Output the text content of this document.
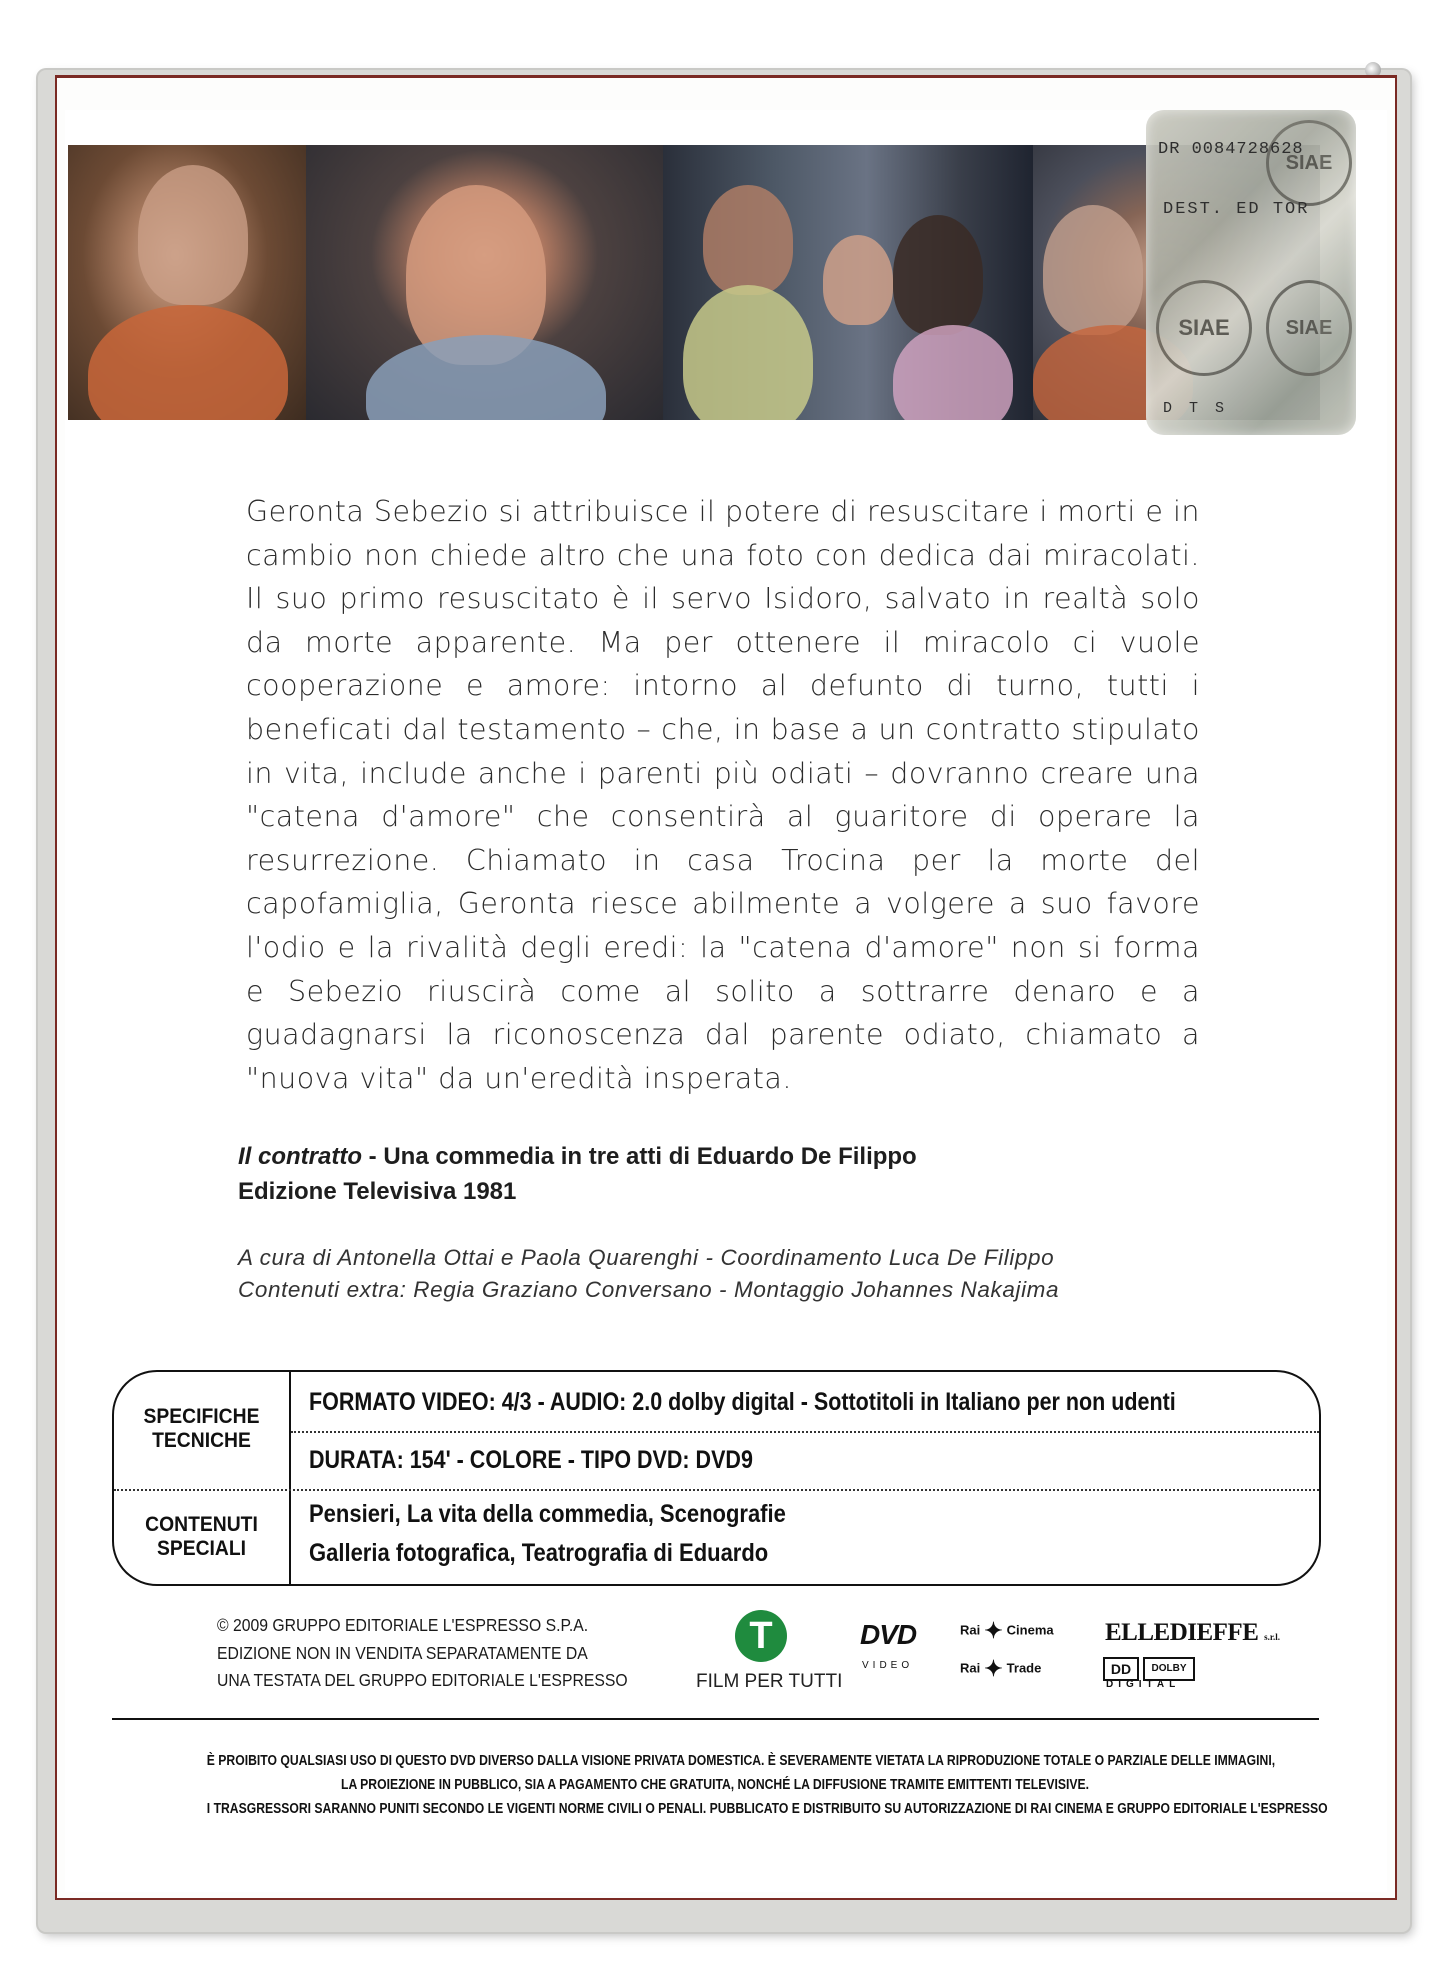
SIAE
SIAE	SIAE
DR 0084728628
DEST. ED TOR
D T S
Geronta Sebezio si attribuisce il potere di resuscitare i morti e in cambio non chiede altro che una foto con dedica dai miracolati. Il suo primo resuscitato è il servo Isidoro, salvato in realtà solo da morte apparente. Ma per ottenere il miracolo ci vuole cooperazione e amore: intorno al defunto di turno, tutti i beneficati dal testamento – che, in base a un contratto stipulato in vita, include anche i parenti più odiati – dovranno creare una "catena d'amore" che consentirà al guaritore di operare la resurrezione. Chiamato in casa Trocina per la morte del capofamiglia, Geronta riesce abilmente a volgere a suo favore l'odio e la rivalità degli eredi: la "catena d'amore" non si forma e Sebezio riuscirà come al solito a sottrarre denaro e a guadagnarsi la riconoscenza dal parente odiato, chiamato a "nuova vita" da un'eredità insperata.
Il contratto - Una commedia in tre atti di Eduardo De Filippo
Edizione Televisiva 1981
A cura di Antonella Ottai e Paola Quarenghi - Coordinamento Luca De Filippo
Contenuti extra: Regia Graziano Conversano - Montaggio Johannes Nakajima
SPECIFICHE
TECNICHE
CONTENUTI
SPECIALI
FORMATO VIDEO: 4/3 - AUDIO: 2.0 dolby digital - Sottotitoli in Italiano per non udenti
DURATA: 154' - COLORE - TIPO DVD: DVD9
Pensieri, La vita della commedia, Scenografie
Galleria fotografica, Teatrografia di Eduardo
© 2009 GRUPPO EDITORIALE L'ESPRESSO S.P.A.
EDIZIONE NON IN VENDITA SEPARATAMENTE DA
UNA TESTATA DEL GRUPPO EDITORIALE L'ESPRESSO
T
FILM PER TUTTI
DVD
VIDEO
Rai ✦ Cinema
Rai ✦ Trade
ELLEDIEFFE s.r.l.
DD	DOLBY
DIGITAL
È PROIBITO QUALSIASI USO DI QUESTO DVD DIVERSO DALLA VISIONE PRIVATA DOMESTICA. È SEVERAMENTE VIETATA LA RIPRODUZIONE TOTALE O PARZIALE DELLE IMMAGINI,
LA PROIEZIONE IN PUBBLICO, SIA A PAGAMENTO CHE GRATUITA, NONCHÉ LA DIFFUSIONE TRAMITE EMITTENTI TELEVISIVE.
I TRASGRESSORI SARANNO PUNITI SECONDO LE VIGENTI NORME CIVILI O PENALI. PUBBLICATO E DISTRIBUITO SU AUTORIZZAZIONE DI RAI CINEMA E GRUPPO EDITORIALE L'ESPRESSO
